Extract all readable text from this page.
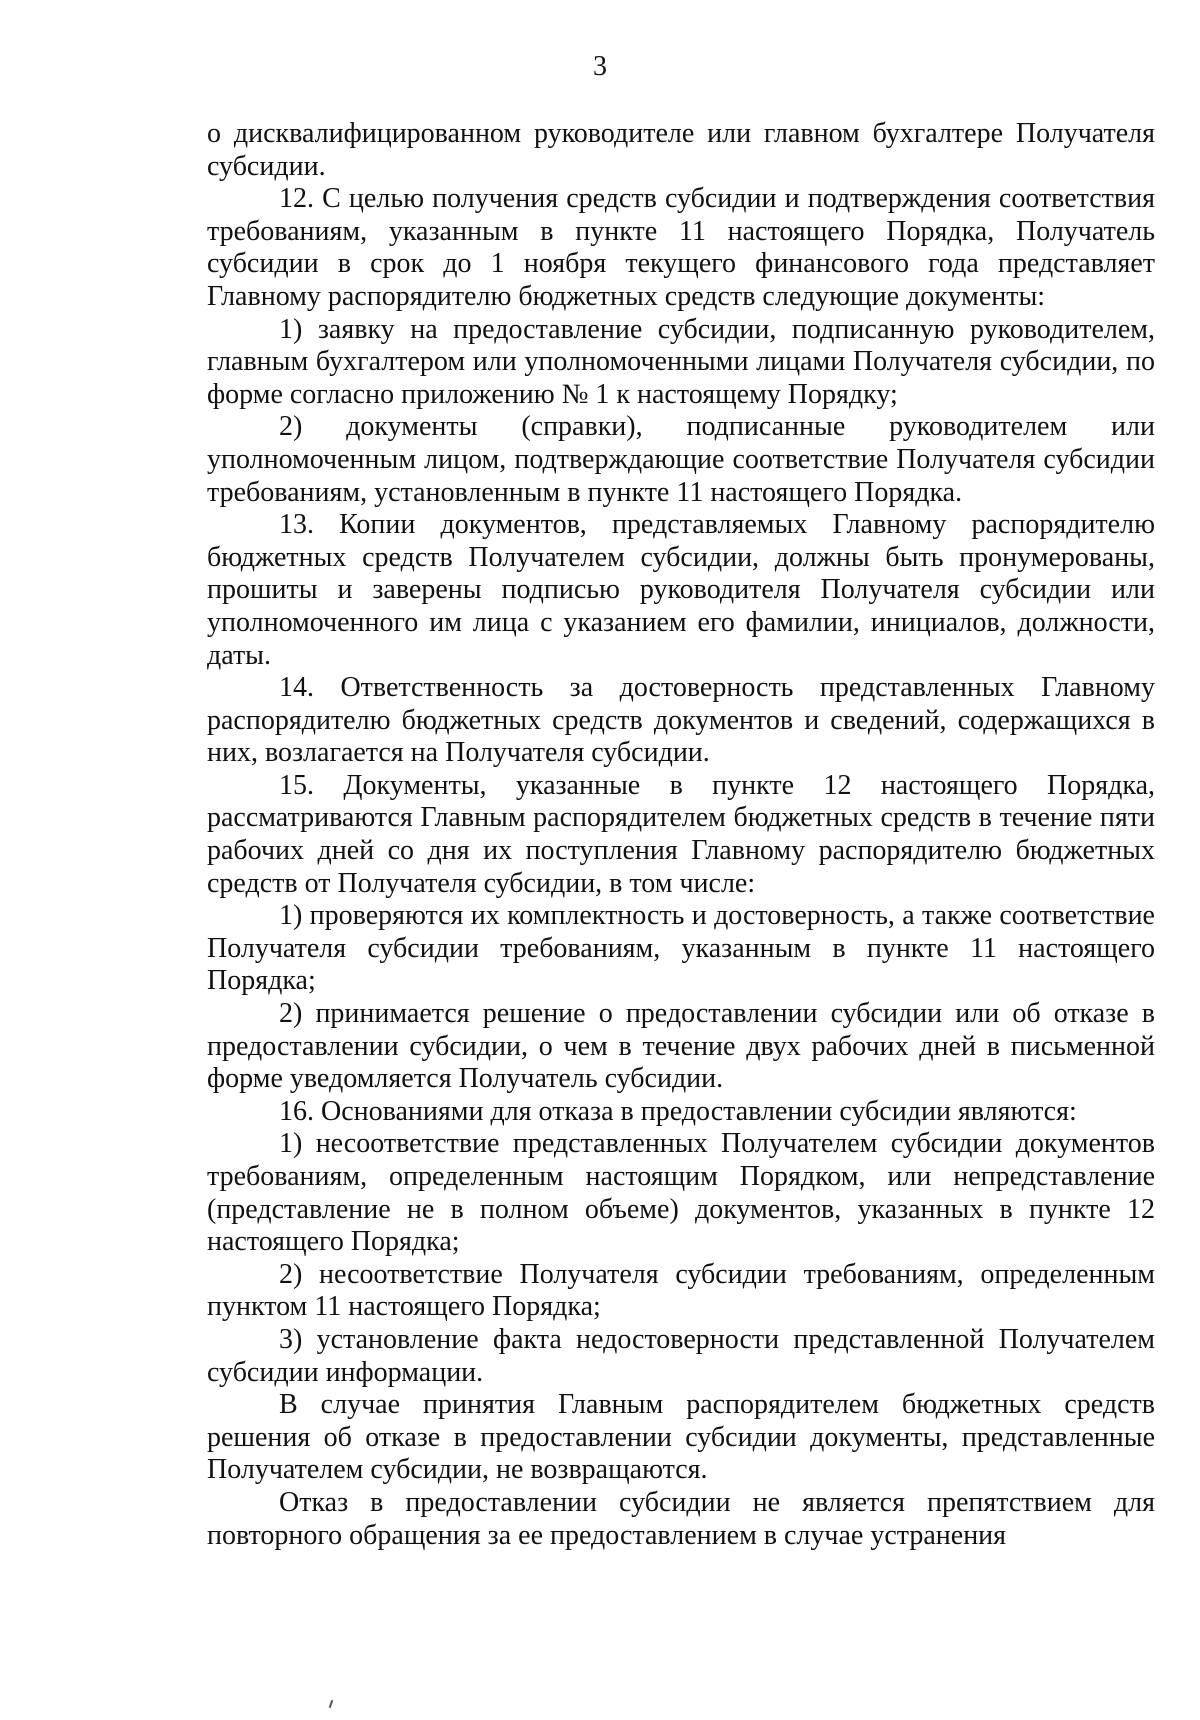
3

о дисквалифицированном руководителе или главном бухгалтере Получателя субсидии.

12. С целью получения средств субсидии и подтверждения соответствия требованиям, указанным в пункте 11 настоящего Порядка, Получатель субсидии в срок до 1 ноября текущего финансового года представляет Главному распорядителю бюджетных средств следующие документы:

1) заявку на предоставление субсидии, подписанную руководителем, главным бухгалтером или уполномоченными лицами Получателя субсидии, по форме согласно приложению № 1 к настоящему Порядку;

2) документы (справки), подписанные руководителем или уполномоченным лицом, подтверждающие соответствие Получателя субсидии требованиям, установленным в пункте 11 настоящего Порядка.

13. Копии документов, представляемых Главному распорядителю бюджетных средств Получателем субсидии, должны быть пронумерованы, прошиты и заверены подписью руководителя Получателя субсидии или уполномоченного им лица с указанием его фамилии, инициалов, должности, даты.

14. Ответственность за достоверность представленных Главному распорядителю бюджетных средств документов и сведений, содержащихся в них, возлагается на Получателя субсидии.

15. Документы, указанные в пункте 12 настоящего Порядка, рассматриваются Главным распорядителем бюджетных средств в течение пяти рабочих дней со дня их поступления Главному распорядителю бюджетных средств от Получателя субсидии, в том числе:

1) проверяются их комплектность и достоверность, а также соответствие Получателя субсидии требованиям, указанным в пункте 11 настоящего Порядка;

2) принимается решение о предоставлении субсидии или об отказе в предоставлении субсидии, о чем в течение двух рабочих дней в письменной форме уведомляется Получатель субсидии.

16. Основаниями для отказа в предоставлении субсидии являются:

1) несоответствие представленных Получателем субсидии документов требованиям, определенным настоящим Порядком, или непредставление (представление не в полном объеме) документов, указанных в пункте 12 настоящего Порядка;

2) несоответствие Получателя субсидии требованиям, определенным пунктом 11 настоящего Порядка;

3) установление факта недостоверности представленной Получателем субсидии информации.

В случае принятия Главным распорядителем бюджетных средств решения об отказе в предоставлении субсидии документы, представленные Получателем субсидии, не возвращаются.

Отказ в предоставлении субсидии не является препятствием для повторного обращения за ее предоставлением в случае устранения
